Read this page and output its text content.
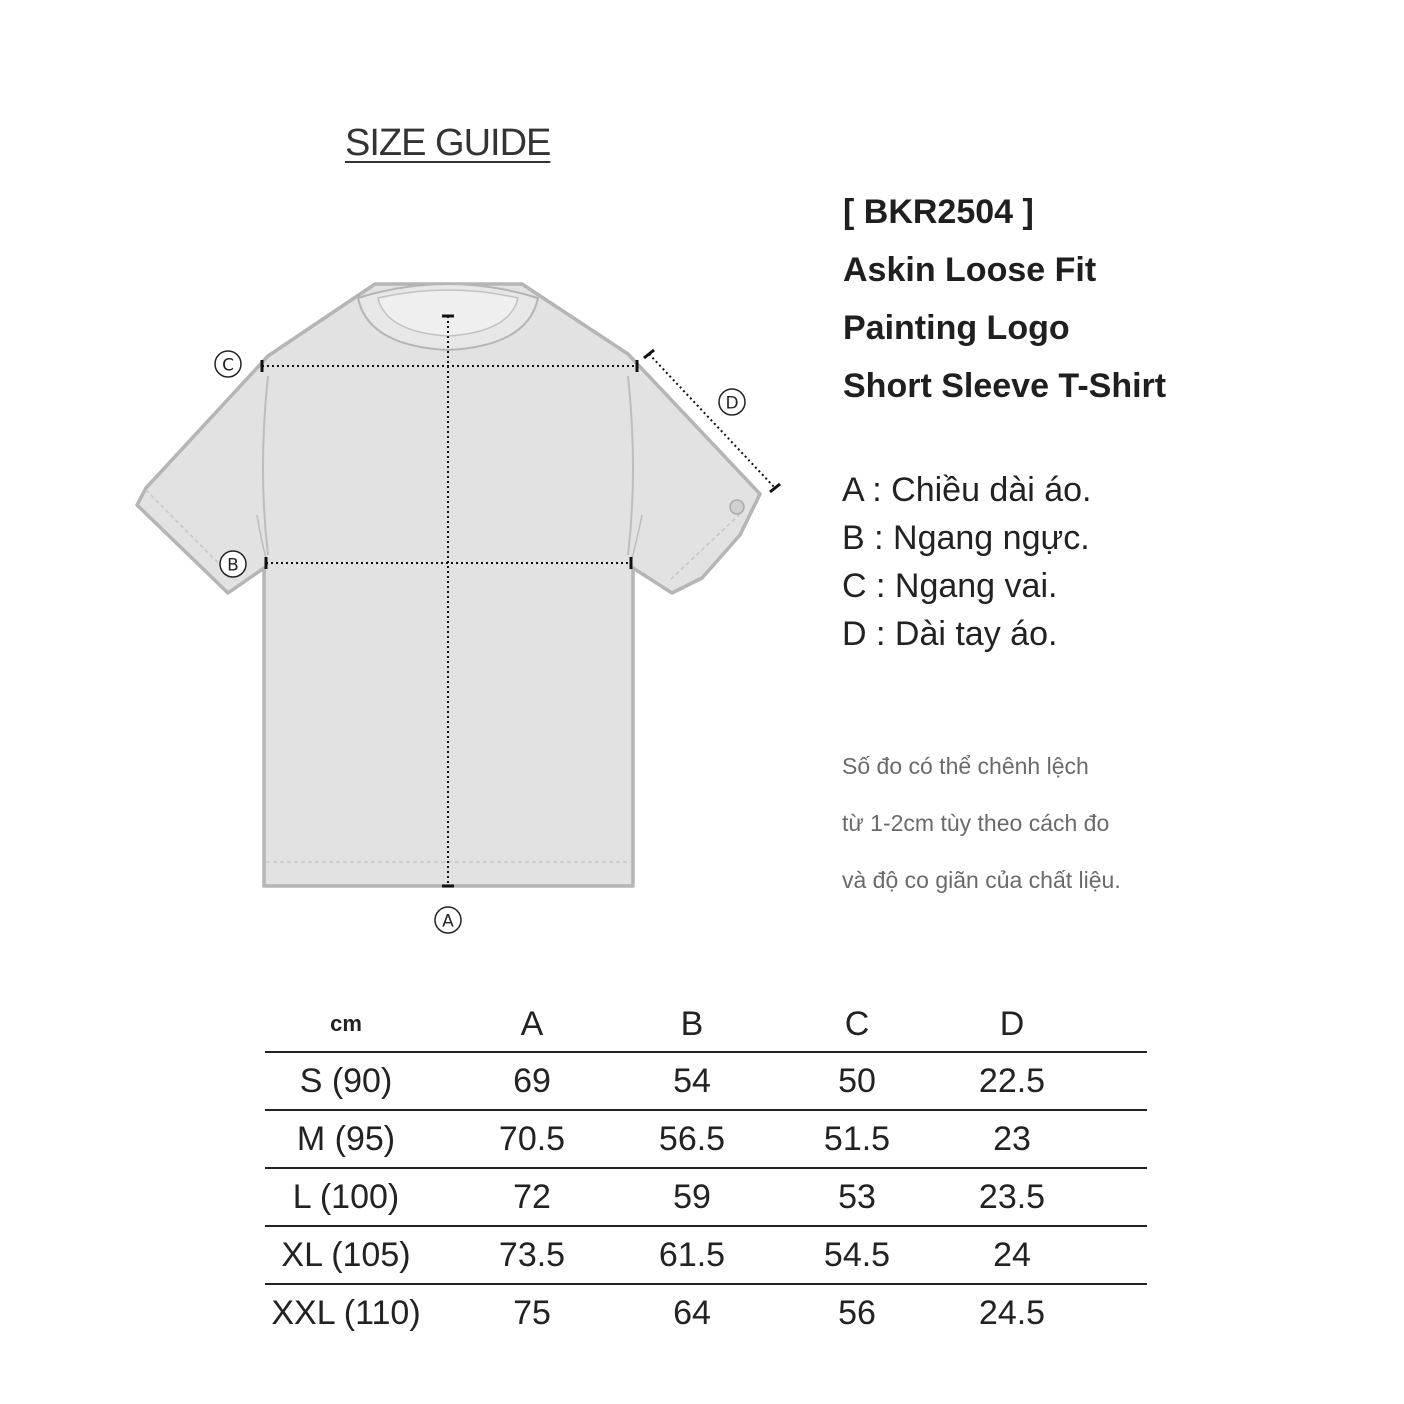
SIZE GUIDE
C
B
D
A
[ BKR2504 ]
Askin Loose Fit
Painting Logo
Short Sleeve T-Shirt
A : Chiều dài áo.
B : Ngang ngực.
C : Ngang vai.
D : Dài tay áo.
Số đo có thể chênh lệch
từ 1-2cm tùy theo cách đo
và độ co giãn của chất liệu.
cm	A	B	C	D	
S (90)	69	54	50	22.5	
M (95)	70.5	56.5	51.5	23	
L (100)	72	59	53	23.5	
XL (105)	73.5	61.5	54.5	24	
XXL (110)	75	64	56	24.5	
